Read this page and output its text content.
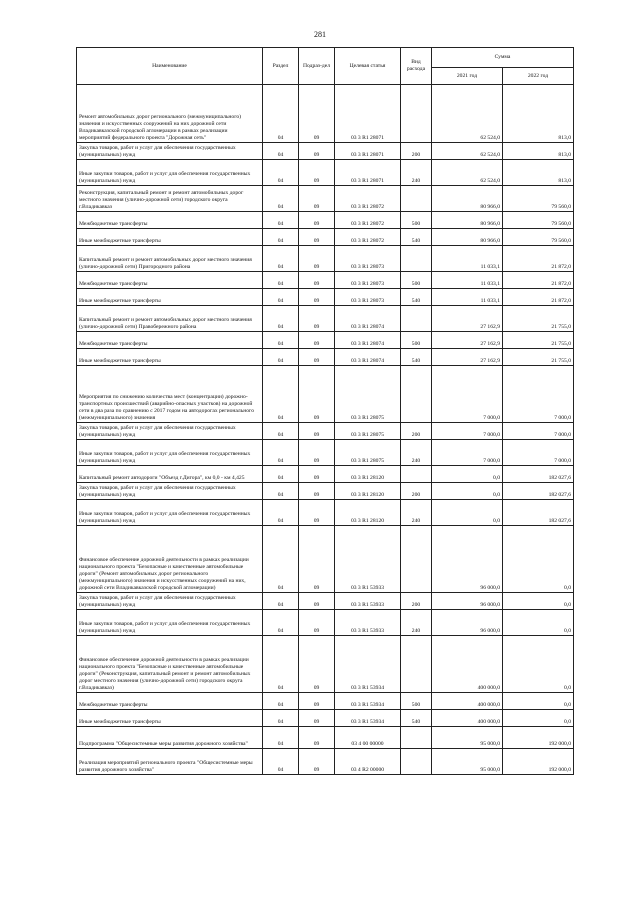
281
Наименование	Раздел	Подраз-дел	Целевая статья	Вид расхода	Сумма	
					2021 год	2022 год
Ремонт автомобильных дорог регионального (межмуниципального) значения и искусственных сооружений на них дорожной сети Владикавказской городской агломерации в рамках реализации мероприятий федерального проекта "Дорожная сеть"	04	09	03 3 R1 28071		62 524,0	813,0
Закупка товаров, работ и услуг для обеспечения государственных (муниципальных) нужд	04	09	03 3 R1 28071	200	62 524,0	813,0
Иные закупки товаров, работ и услуг для обеспечения государственных (муниципальных) нужд	04	09	03 3 R1 28071	240	62 524,0	813,0
Реконструкция, капитальный ремонт и ремонт автомобильных дорог местного значения (улично-дорожной сети) городского округа г.Владикавказ	04	09	03 3 R1 28072		80 966,0	79 560,0
Межбюджетные трансферты	04	09	03 3 R1 28072	500	80 966,0	79 560,0
Иные межбюджетные трансферты	04	09	03 3 R1 28072	540	80 966,0	79 560,0
Капитальный ремонт и ремонт автомобильных дорог местного значения (улично-дорожной сети) Пригородного района	04	09	03 3 R1 28073		11 033,1	21 872,0
Межбюджетные трансферты	04	09	03 3 R1 28073	500	11 033,1	21 872,0
Иные межбюджетные трансферты	04	09	03 3 R1 28073	540	11 033,1	21 872,0
Капитальный ремонт и ремонт автомобильных дорог местного значения (улично-дорожной сети) Правобережного района	04	09	03 3 R1 28074		27 162,9	21 755,0
Межбюджетные трансферты	04	09	03 3 R1 28074	500	27 162,9	21 755,0
Иные межбюджетные трансферты	04	09	03 3 R1 28074	540	27 162,9	21 755,0
Мероприятия по снижению количества мест (концентрации) дорожно-транспортных происшествий (аварийно-опасных участков) на дорожной сети в два раза по сравнению с 2017 годом на автодорогах регионального (межмуниципального) значения	04	09	03 3 R1 28075		7 000,0	7 000,0
Закупка товаров, работ и услуг для обеспечения государственных (муниципальных) нужд	04	09	03 3 R1 28075	200	7 000,0	7 000,0
Иные закупки товаров, работ и услуг для обеспечения государственных (муниципальных) нужд	04	09	03 3 R1 28075	240	7 000,0	7 000,0
Капитальный ремонт автодороги "Объезд г.Дигора", км 0,0 - км 4,425	04	09	03 3 R1 28120		0,0	182 027,6
Закупка товаров, работ и услуг для обеспечения государственных (муниципальных) нужд	04	09	03 3 R1 28120	200	0,0	182 027,6
Иные закупки товаров, работ и услуг для обеспечения государственных (муниципальных) нужд	04	09	03 3 R1 28120	240	0,0	182 027,6
Финансовое обеспечение дорожной деятельности в рамках реализации национального проекта "Безопасные и качественные автомобильные дороги" (Ремонт автомобильных дорог регионального (межмуниципального) значения и искусственных сооружений на них, дорожной сети Владикавказской городской агломерации)	04	09	03 3 R1 53933		96 000,0	0,0
Закупка товаров, работ и услуг для обеспечения государственных (муниципальных) нужд	04	09	03 3 R1 53933	200	96 000,0	0,0
Иные закупки товаров, работ и услуг для обеспечения государственных (муниципальных) нужд	04	09	03 3 R1 53933	240	96 000,0	0,0
Финансовое обеспечение дорожной деятельности в рамках реализации национального проекта "Безопасные и качественные автомобильные дороги" (Реконструкция, капитальный ремонт и ремонт автомобильных дорог местного значения (улично-дорожной сети) городского округа г.Владикавказ)	04	09	03 3 R1 53934		400 000,0	0,0
Межбюджетные трансферты	04	09	03 3 R1 53934	500	400 000,0	0,0
Иные межбюджетные трансферты	04	09	03 3 R1 53934	540	400 000,0	0,0
Подпрограмма "Общесистемные меры развития дорожного хозяйства"	04	09	03 4 00 00000		95 000,0	192 000,0
Реализация мероприятий регионального проекта "Общесистемные меры развития дорожного хозяйства"	04	09	03 4 R2 00000		95 000,0	192 000,0
